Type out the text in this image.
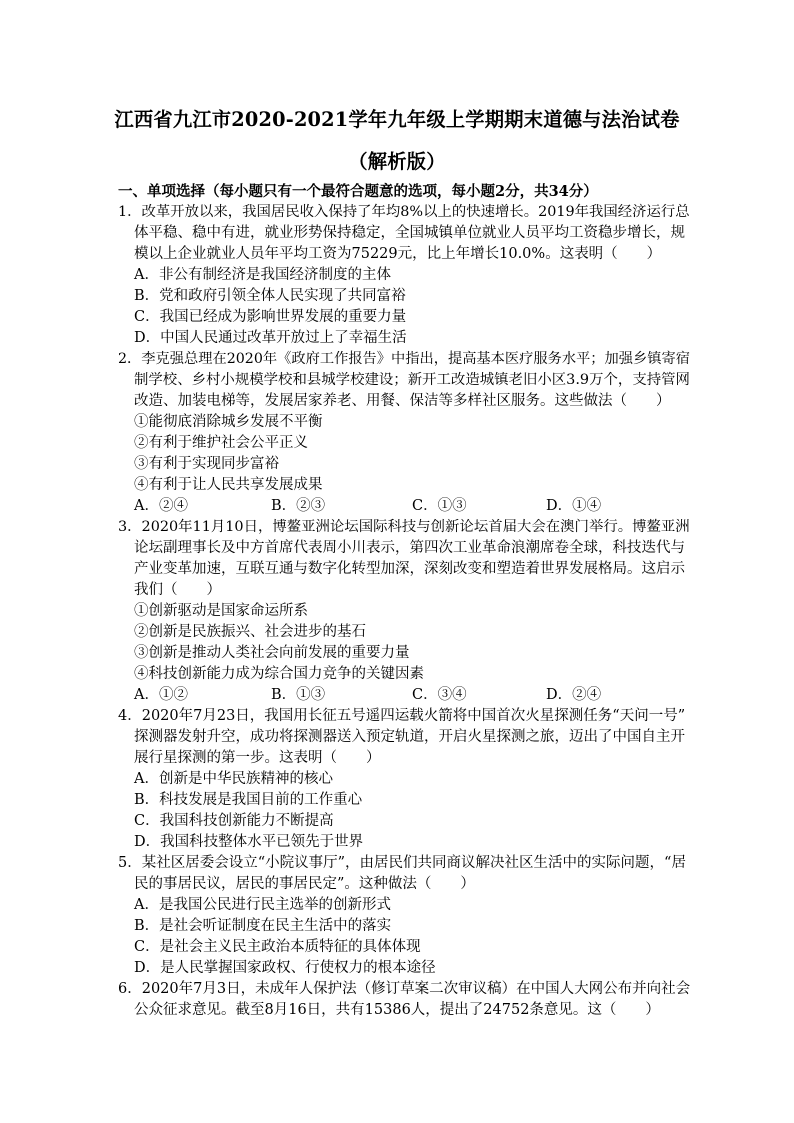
江西省九江市2020-2021学年九年级上学期期末道德与法治试卷
（解析版）
一、单项选择（每小题只有一个最符合题意的选项，每小题2分，共34分）
1．改革开放以来，我国居民收入保持了年均8%以上的快速增长。2019年我国经济运行总
体平稳、稳中有进，就业形势保持稳定，全国城镇单位就业人员平均工资稳步增长，规
模以上企业就业人员年平均工资为75229元，比上年增长10.0%。这表明（　　）
A．非公有制经济是我国经济制度的主体
B．党和政府引领全体人民实现了共同富裕
C．我国已经成为影响世界发展的重要力量
D．中国人民通过改革开放过上了幸福生活
2．李克强总理在2020年《政府工作报告》中指出，提高基本医疗服务水平；加强乡镇寄宿
制学校、乡村小规模学校和县城学校建设；新开工改造城镇老旧小区3.9万个，支持管网
改造、加装电梯等，发展居家养老、用餐、保洁等多样社区服务。这些做法（　　）
①能彻底消除城乡发展不平衡
②有利于维护社会公平正义
③有利于实现同步富裕
④有利于让人民共享发展成果
A．②④	B．②③	C．①③	D．①④
3．2020年11月10日，博鳌亚洲论坛国际科技与创新论坛首届大会在澳门举行。博鳌亚洲
论坛副理事长及中方首席代表周小川表示，第四次工业革命浪潮席卷全球，科技迭代与
产业变革加速，互联互通与数字化转型加深，深刻改变和塑造着世界发展格局。这启示
我们（　　）
①创新驱动是国家命运所系
②创新是民族振兴、社会进步的基石
③创新是推动人类社会向前发展的重要力量
④科技创新能力成为综合国力竞争的关键因素
A．①②	B．①③	C．③④	D．②④
4．2020年7月23日，我国用长征五号遥四运载火箭将中国首次火星探测任务“天问一号”
探测器发射升空，成功将探测器送入预定轨道，开启火星探测之旅，迈出了中国自主开
展行星探测的第一步。这表明（　　）
A．创新是中华民族精神的核心
B．科技发展是我国目前的工作重心
C．我国科技创新能力不断提高
D．我国科技整体水平已领先于世界
5．某社区居委会设立“小院议事厅”，由居民们共同商议解决社区生活中的实际问题，“居
民的事居民议，居民的事居民定”。这种做法（　　）
A．是我国公民进行民主选举的创新形式
B．是社会听证制度在民主生活中的落实
C．是社会主义民主政治本质特征的具体体现
D．是人民掌握国家政权、行使权力的根本途径
6．2020年7月3日，未成年人保护法（修订草案二次审议稿）在中国人大网公布并向社会
公众征求意见。截至8月16日，共有15386人，提出了24752条意见。这（　　）
